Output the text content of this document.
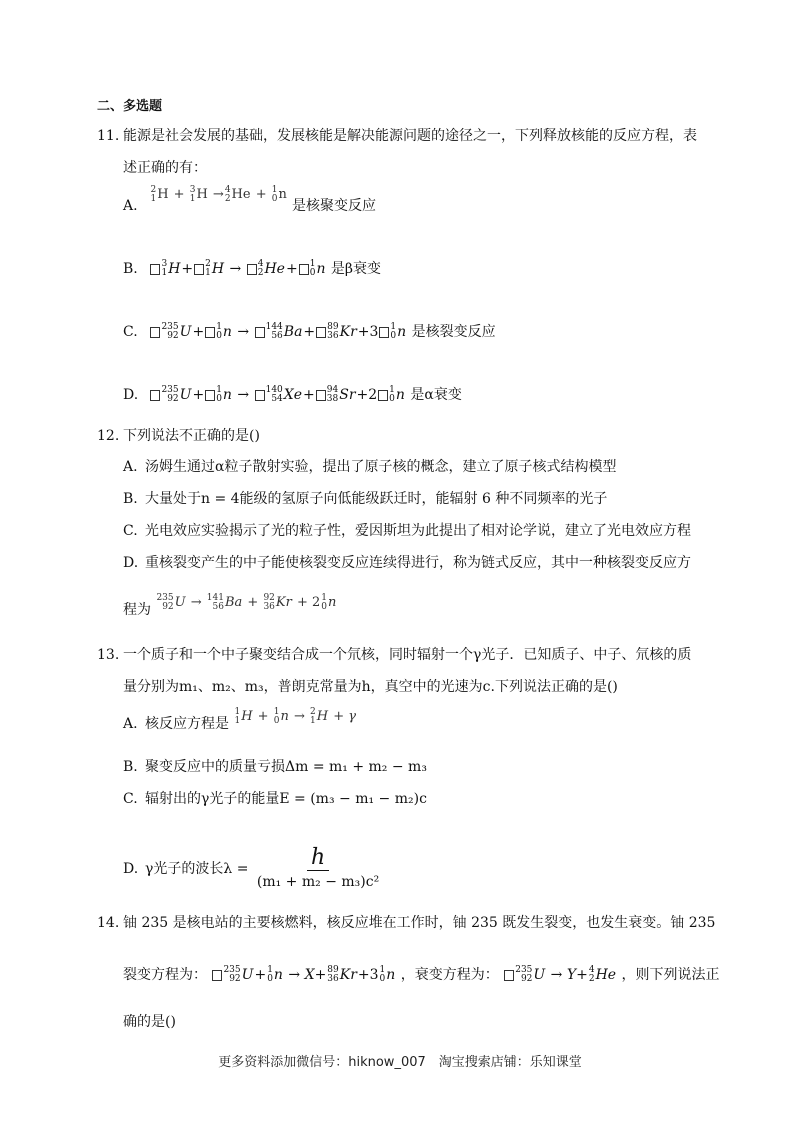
二、多选题
11. 能源是社会发展的基础，发展核能是解决能源问题的途径之一，下列释放核能的反应方程，表
述正确的有：
A.
2
1 H + 3
1 H → 4
2 He + 1
0 n
是核聚变反应
B.	3
1 H + 2
1 H → 4
2 He + 1
0 n 是β衰变
C.	235
92 U + 1
0 n → 144
56 Ba + 89
36 Kr +3 1
0 n 是核裂变反应
D.	235
92 U + 1
0 n → 140
54 Xe + 94
38 Sr +2 1
0 n 是α衰变
12. 下列说法不正确的是()
A. 汤姆生通过α粒子散射实验，提出了原子核的概念，建立了原子核式结构模型
B. 大量处于n = 4能级的氢原子向低能级跃迁时，能辐射 6 种不同频率的光子
C. 光电效应实验揭示了光的粒子性，爱因斯坦为此提出了相对论学说，建立了光电效应方程
D. 重核裂变产生的中子能使核裂变反应连续得进行，称为链式反应，其中一种核裂变反应方
程为
235
92 U → 141
56 Ba + 92
36 Kr + 2 1
0 n
13. 一个质子和一个中子聚变结合成一个氘核，同时辐射一个γ光子．已知质子、中子、氘核的质
量分别为m₁、m₂、m₃，普朗克常量为h，真空中的光速为c.下列说法正确的是()
A. 核反应方程是
1
1 H + 1
0 n → 2
1 H + γ
B. 聚变反应中的质量亏损Δm = m₁ + m₂ − m₃
C. 辐射出的γ光子的能量E = (m₃ − m₁ − m₂)c
D. γ光子的波长$\lambda = \frac{h}{\text{(m₁ + m₂ − m₃)c²}}$
14. 铀 235 是核电站的主要核燃料，核反应堆在工作时，铀 235 既发生裂变，也发生衰变。铀 235
裂变方程为： 235
92 U + 1
0 n → X+ 89
36 Kr +3 1
0 n ，衰变方程为： 235
92 U → Y+ 4
2 He ，则下列说法正
确的是()
更多资料添加微信号：hiknow_007　淘宝搜索店铺：乐知课堂
